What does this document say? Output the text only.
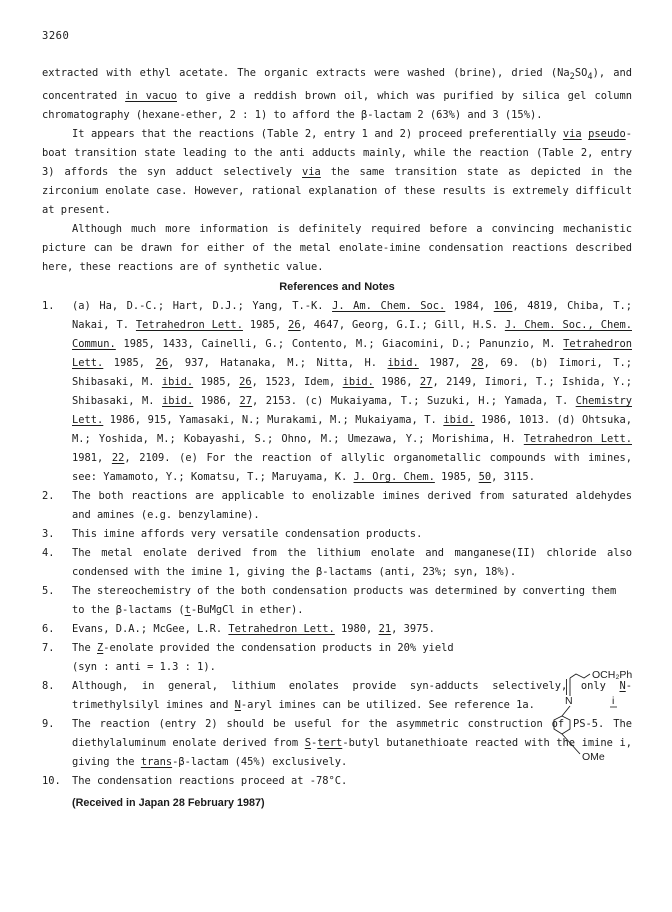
3260

extracted with ethyl acetate. The organic extracts were washed (brine), dried $(Na_2SO_4)$, and concentrated in vacuo to give a reddish brown oil, which was purified by silica gel column chromatography (hexane-ether, 2 : 1) to afford the β-lactam 2 (63%) and 3 (15%).

It appears that the reactions (Table 2, entry 1 and 2) proceed preferentially via pseudo-boat transition state leading to the anti adducts mainly, while the reaction (Table 2, entry 3) affords the syn adduct selectively via the same transition state as depicted in the zirconium enolate case. However, rational explanation of these results is extremely difficult at present.

Although much more information is definitely required before a convincing mechanistic picture can be drawn for either of the metal enolate-imine condensation reactions described here, these reactions are of synthetic value.

References and Notes
1.	(a) Ha, D.-C.; Hart, D.J.; Yang, T.-K. J. Am. Chem. Soc. 1984, 106, 4819, Chiba, T.; Nakai, T. Tetrahedron Lett. 1985, 26, 4647, Georg, G.I.; Gill, H.S. J. Chem. Soc., Chem. Commun. 1985, 1433, Cainelli, G.; Contento, M.; Giacomini, D.; Panunzio, M. Tetrahedron Lett. 1985, 26, 937, Hatanaka, M.; Nitta, H. ibid. 1987, 28, 69. (b) Iimori, T.; Shibasaki, M. ibid. 1985, 26, 1523, Idem, ibid. 1986, 27, 2149, Iimori, T.; Ishida, Y.; Shibasaki, M. ibid. 1986, 27, 2153. (c) Mukaiyama, T.; Suzuki, H.; Yamada, T. Chemistry Lett. 1986, 915, Yamasaki, N.; Murakami, M.; Mukaiyama, T. ibid. 1986, 1013. (d) Ohtsuka, M.; Yoshida, M.; Kobayashi, S.; Ohno, M.; Umezawa, Y.; Morishima, H. Tetrahedron Lett. 1981, 22, 2109. (e) For the reaction of allylic organometallic compounds with imines, see: Yamamoto, Y.; Komatsu, T.; Maruyama, K. J. Org. Chem. 1985, 50, 3115.
2.	The both reactions are applicable to enolizable imines derived from saturated aldehydes and amines (e.g. benzylamine).
3.	This imine affords very versatile condensation products.
4.	The metal enolate derived from the lithium enolate and manganese(II) chloride also condensed with the imine 1, giving the β-lactams (anti, 23%; syn, 18%).
5.	The stereochemistry of the both condensation products was determined by converting them to the β-lactams (t-BuMgCl in ether).
6.	Evans, D.A.; McGee, L.R. Tetrahedron Lett. 1980, 21, 3975.
7.	The Z-enolate provided the condensation products in 20% yield
(syn : anti = 1.3 : 1).
8.	Although, in general, lithium enolates provide syn-adducts selectively, only N-trimethylsilyl imines and N-aryl imines can be utilized. See reference 1a.
9.	The reaction (entry 2) should be useful for the asymmetric construction of PS-5. The diethylaluminum enolate derived from S-tert-butyl butanethioate reacted with the imine i, giving the trans-β-lactam (45%) exclusively.
10.	The condensation reactions proceed at -78°C.
(Received in Japan 28 February 1987)
OCH₂Ph
N	i
OMe
